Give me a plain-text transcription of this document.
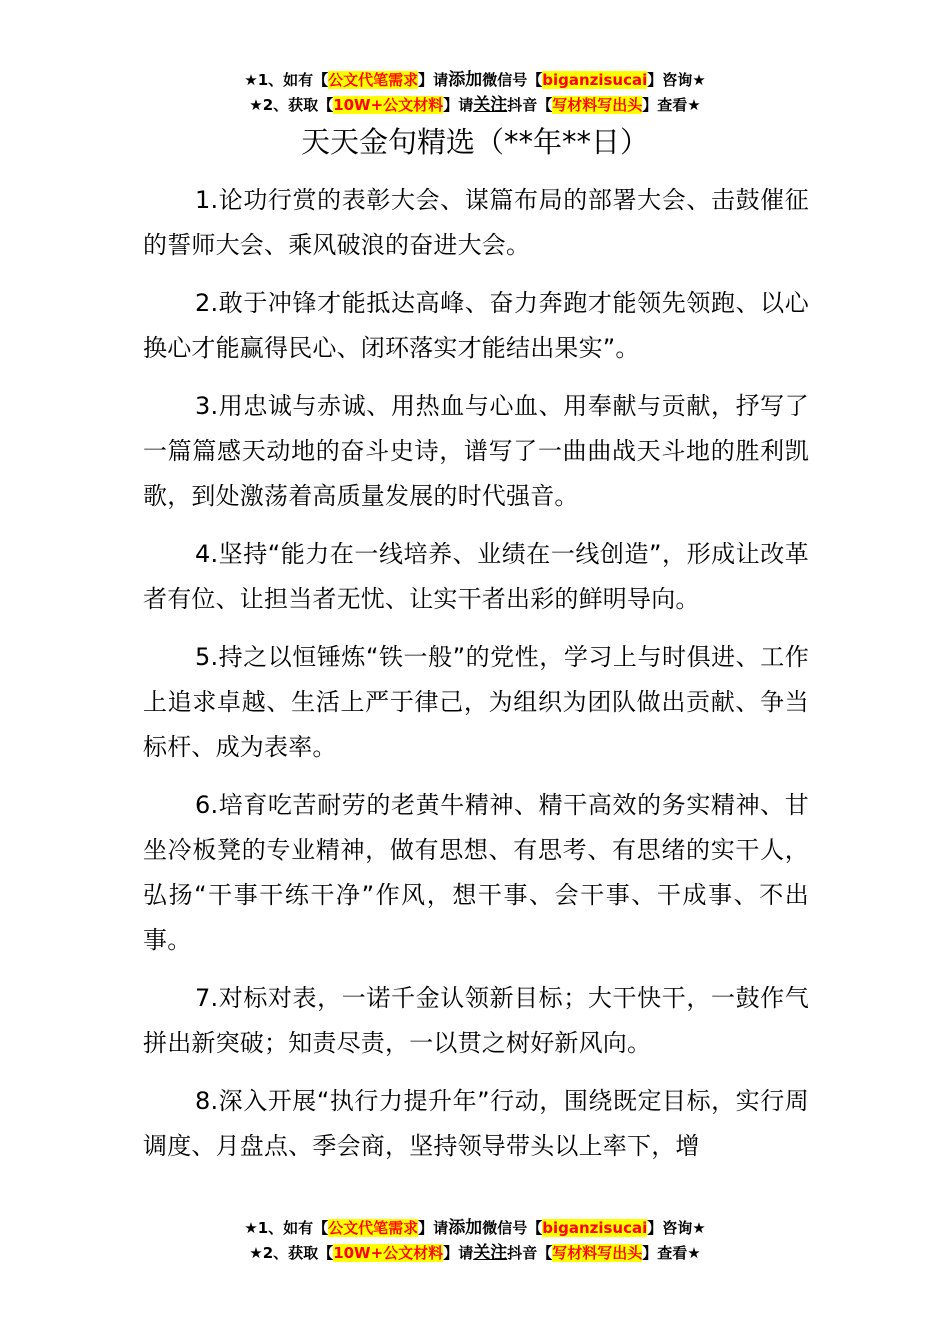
★1、如有【公文代笔需求】请添加微信号【biganzisucai】咨询★
★2、获取【10W+公文材料】请关注抖音【写材料写出头】查看★
天天金句精选（**年**日）

1.论功行赏的表彰大会、谋篇布局的部署大会、击鼓催征的誓师大会、乘风破浪的奋进大会。

2.敢于冲锋才能抵达高峰、奋力奔跑才能领先领跑、以心换心才能赢得民心、闭环落实才能结出果实”。

3.用忠诚与赤诚、用热血与心血、用奉献与贡献，抒写了一篇篇感天动地的奋斗史诗，谱写了一曲曲战天斗地的胜利凯歌，到处激荡着高质量发展的时代强音。

4.坚持“能力在一线培养、业绩在一线创造”，形成让改革者有位、让担当者无忧、让实干者出彩的鲜明导向。

5.持之以恒锤炼“铁一般”的党性，学习上与时俱进、工作上追求卓越、生活上严于律己，为组织为团队做出贡献、争当标杆、成为表率。

6.培育吃苦耐劳的老黄牛精神、精干高效的务实精神、甘坐冷板凳的专业精神，做有思想、有思考、有思绪的实干人，弘扬“干事干练干净”作风，想干事、会干事、干成事、不出事。

7.对标对表，一诺千金认领新目标；大干快干，一鼓作气拼出新突破；知责尽责，一以贯之树好新风向。

8.深入开展“执行力提升年”行动，围绕既定目标，实行周调度、月盘点、季会商，坚持领导带头以上率下，增

★1、如有【公文代笔需求】请添加微信号【biganzisucai】咨询★
★2、获取【10W+公文材料】请关注抖音【写材料写出头】查看★
